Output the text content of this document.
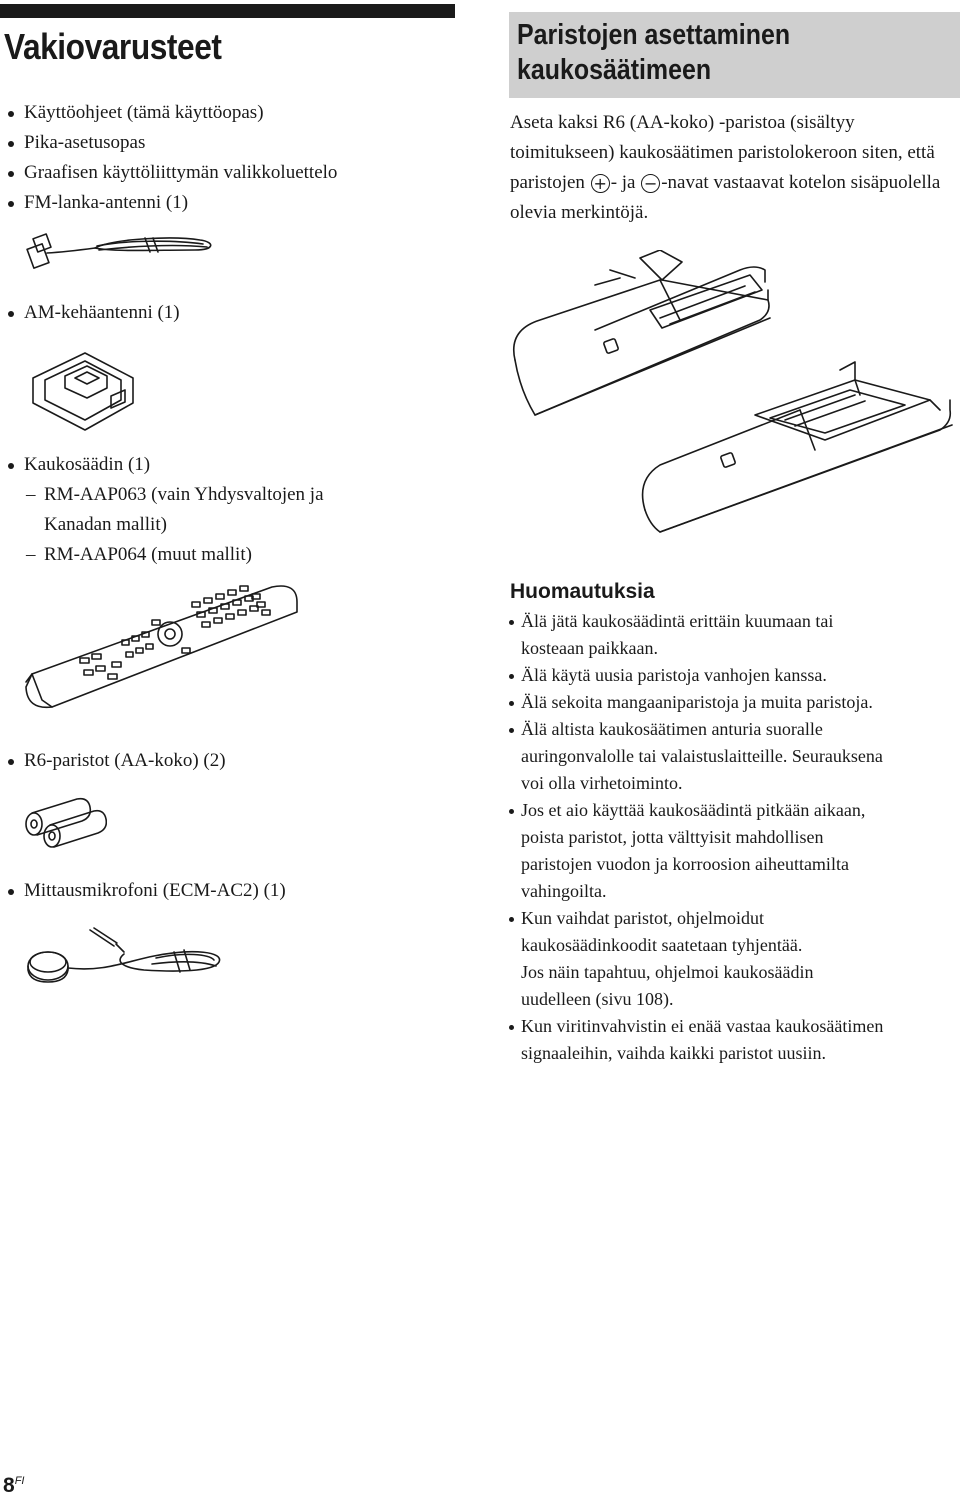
Vakiovarusteet	Paristojen asettaminen
kaukosäätimeen
Käyttöohjeet (tämä käyttöopas)
Pika-asetusopas
Graafisen käyttöliittymän valikkoluettelo
FM-lanka-antenni (1)
AM-kehäantenni (1)
Kaukosäädin (1)
– RM-AAP063 (vain Yhdysvaltojen ja
Kanadan mallit)
– RM-AAP064 (muut mallit)
R6-paristot (AA-koko) (2)
Mittausmikrofoni (ECM-AC2) (1)
Aseta kaksi R6 (AA-koko) -paristoa (sisältyy toimitukseen) kaukosäätimen paristolokeroon siten, että paristojen + - ja − -navat vastaavat kotelon sisäpuolella olevia merkintöjä.
Huomautuksia
Älä jätä kaukosäädintä erittäin kuumaan tai
kosteaan paikkaan.
Älä käytä uusia paristoja vanhojen kanssa.
Älä sekoita mangaaniparistoja ja muita paristoja.
Älä altista kaukosäätimen anturia suoralle
auringonvalolle tai valaistuslaitteille. Seurauksena
voi olla virhetoiminto.
Jos et aio käyttää kaukosäädintä pitkään aikaan,
poista paristot, jotta välttyisit mahdollisen
paristojen vuodon ja korroosion aiheuttamilta
vahingoilta.
Kun vaihdat paristot, ohjelmoidut
kaukosäädinkoodit saatetaan tyhjentää.
Jos näin tapahtuu, ohjelmoi kaukosäädin
uudelleen (sivu 108).
Kun viritinvahvistin ei enää vastaa kaukosäätimen
signaaleihin, vaihda kaikki paristot uusiin.
$8^{FI}$
